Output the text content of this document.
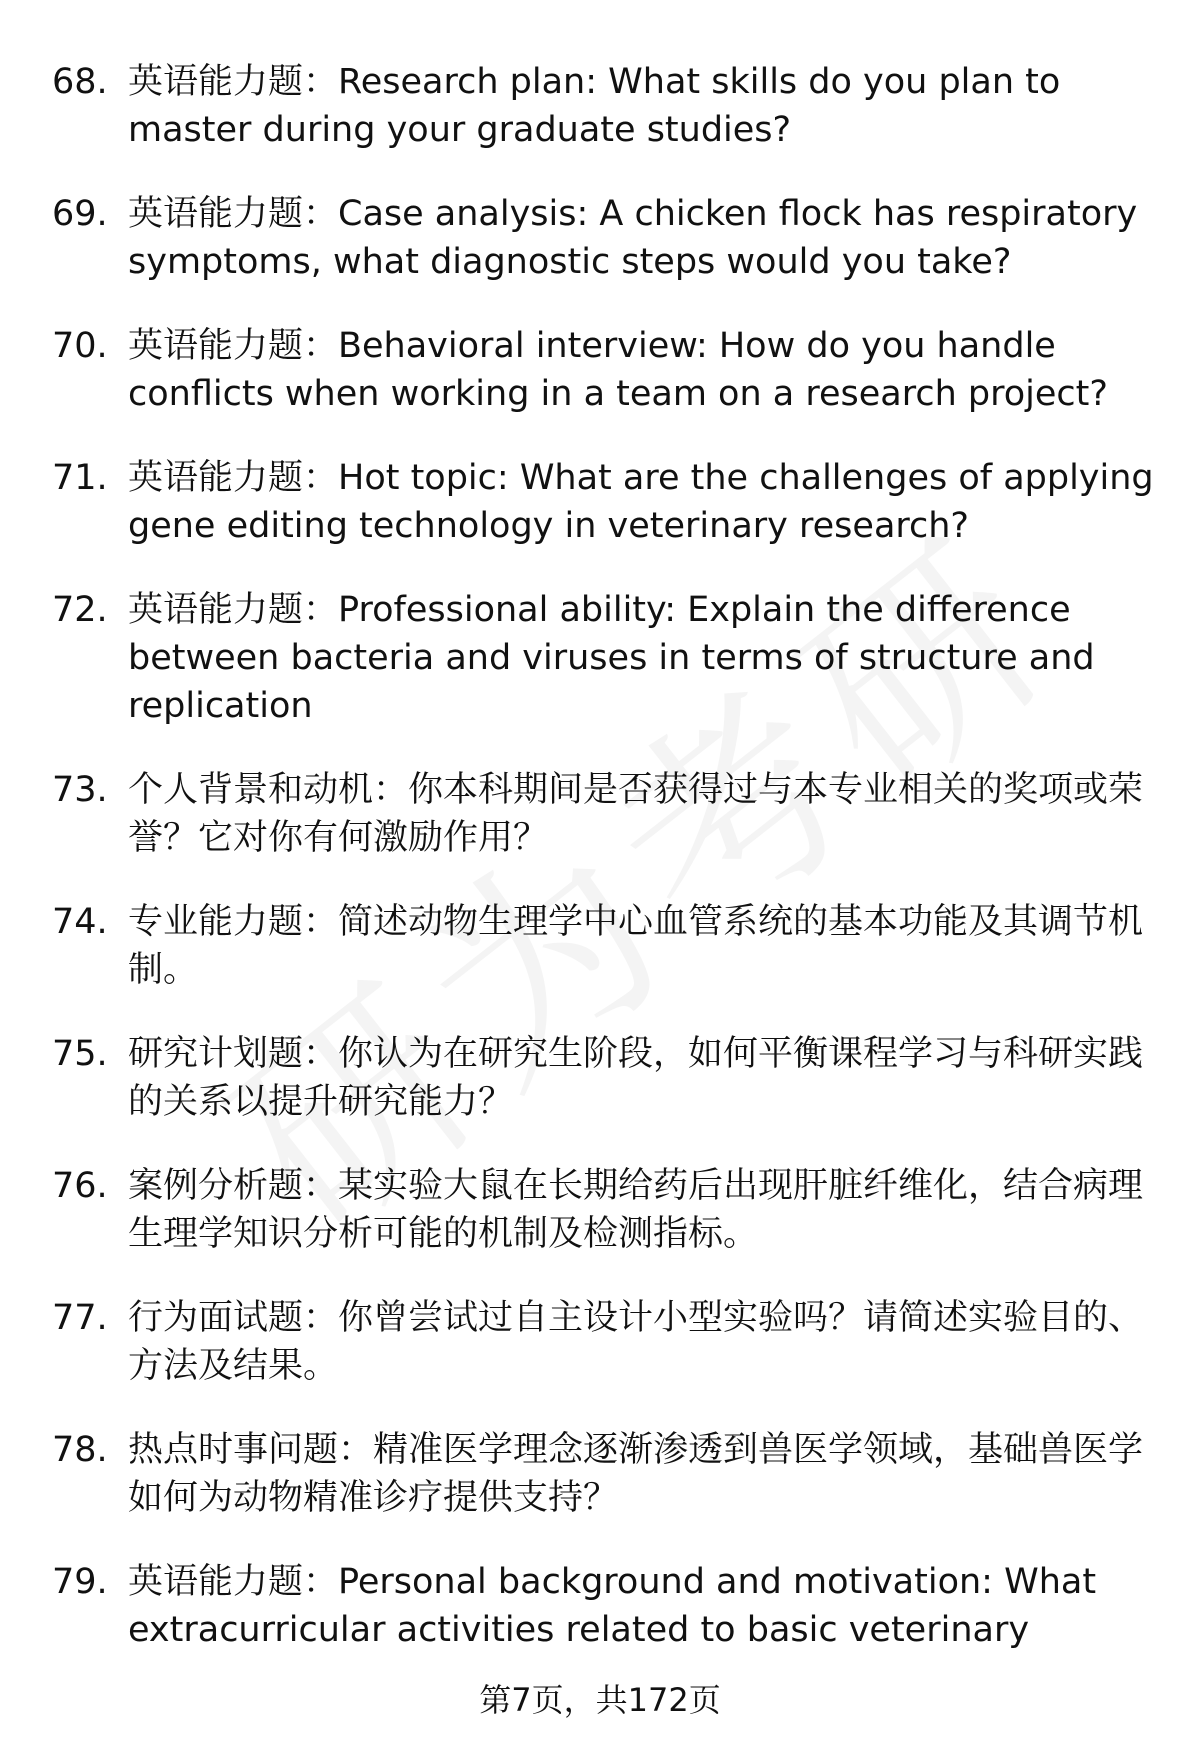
68. 英语能力题：Research plan: What skills do you plan to master during your graduate studies?
69. 英语能力题：Case analysis: A chicken flock has respiratory symptoms, what diagnostic steps would you take?
70. 英语能力题：Behavioral interview: How do you handle conflicts when working in a team on a research project?
71. 英语能力题：Hot topic: What are the challenges of applying gene editing technology in veterinary research?
72. 英语能力题：Professional ability: Explain the difference between bacteria and viruses in terms of structure and replication
73. 个人背景和动机：你本科期间是否获得过与本专业相关的奖项或荣誉？它对你有何激励作用？
74. 专业能力题：简述动物生理学中心血管系统的基本功能及其调节机制。
75. 研究计划题：你认为在研究生阶段，如何平衡课程学习与科研实践的关系以提升研究能力？
76. 案例分析题：某实验大鼠在长期给药后出现肝脏纤维化，结合病理生理学知识分析可能的机制及检测指标。
77. 行为面试题：你曾尝试过自主设计小型实验吗？请简述实验目的、方法及结果。
78. 热点时事问题：精准医学理念逐渐渗透到兽医学领域，基础兽医学如何为动物精准诊疗提供支持？
79. 英语能力题：Personal background and motivation: What extracurricular activities related to basic veterinary
第7页，共172页
